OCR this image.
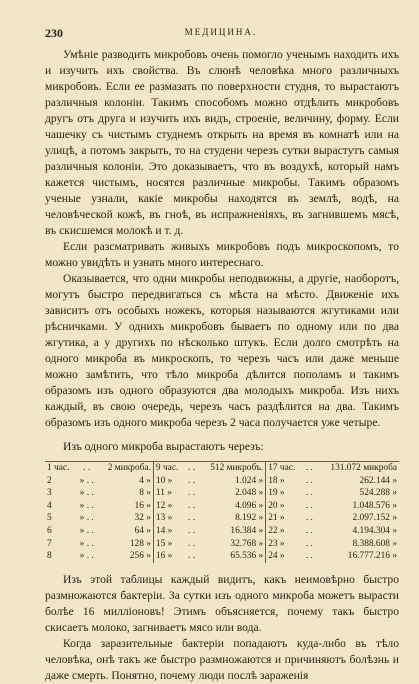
230	МЕДИЦИНА.

Умѣніе разводить микробовъ очень помогло ученымъ находить ихъ и изучить ихъ свойства. Въ слюнѣ человѣка много различныхъ микробовъ. Если ее размазать по поверхности студня, то вырастаютъ различныя колоніи. Такимъ способомъ можно отдѣлить микробовъ другъ отъ друга и изучить ихъ видъ, строеніе, величину, форму. Если чашечку съ чистымъ студнемъ открыть на время въ комнатѣ или на улицѣ, а потомъ закрыть, то на студени черезъ сутки вырастутъ самыя различныя колоніи. Это доказываетъ, что въ воздухѣ, который намъ кажется чистымъ, носятся различные микробы. Такимъ образомъ ученые узнали, какіе микробы находятся въ землѣ, водѣ, на человѣческой кожѣ, въ гноѣ, въ испражненіяхъ, въ загнившемъ мясѣ, въ скисшемся молокѣ и т. д.

Если разсматривать живыхъ микробовъ подъ микроскопомъ, то можно увидѣть и узнать много интереснаго.

Оказывается, что одни микробы неподвижны, а другіе, наоборотъ, могутъ быстро передвигаться съ мѣста на мѣсто. Движеніе ихъ зависитъ отъ особыхъ ножекъ, которыя называются жгутиками или рѣсничками. У однихъ микробовъ бываетъ по одному или по два жгутика, а у другихъ по нѣсколько штукъ. Если долго смотрѣть на одного микроба въ микроскопъ, то черезъ часъ или даже меньше можно замѣтить, что тѣло микроба дѣлится пополамъ и такимъ образомъ изъ одного образуются два молодыхъ микроба. Изъ нихъ каждый, въ свою очередь, черезъ часъ раздѣлится на два. Такимъ образомъ изъ одного микроба черезъ 2 часа получается уже четыре.

Изъ одного микроба вырастаютъ черезъ:
1 час.	. .	2 микроба.	9 час.	. .	512 микробъ.	17 час.	. .	131.072 микроба
2	» . .	4 »	10 »	. .	1.024 »	18 »	. .	262.144 »
3	» . .	8 »	11 »	. .	2.048 »	19 »	. .	524.288 »
4	» . .	16 »	12 »	. .	4.096 »	20 »	. .	1.048.576 »
5	» . .	32 »	13 »	. .	8.192 »	21 »	. .	2.097.152 »
6	» . .	64 »	14 »	. .	16.384 »	22 »	. .	4.194.304 »
7	» . .	128 »	15 »	. .	32.768 »	23 »	. .	8.388.608 »
8	» . .	256 »	16 »	. .	65.536 »	24 »	. .	16.777.216 »

Изъ этой таблицы каждый видитъ, какъ неимовѣрно быстро размножаются бактеріи. За сутки изъ одного микроба можетъ вырасти болѣе 16 милліоновъ! Этимъ объясняется, почему такъ быстро скисаетъ молоко, загниваетъ мясо или вода.

Когда заразительные бактеріи попадаютъ куда-либо въ тѣло человѣка, онѣ такъ же быстро размножаются и причиняютъ болѣзнь и даже смерть. Понятно, почему люди послѣ зараженія
